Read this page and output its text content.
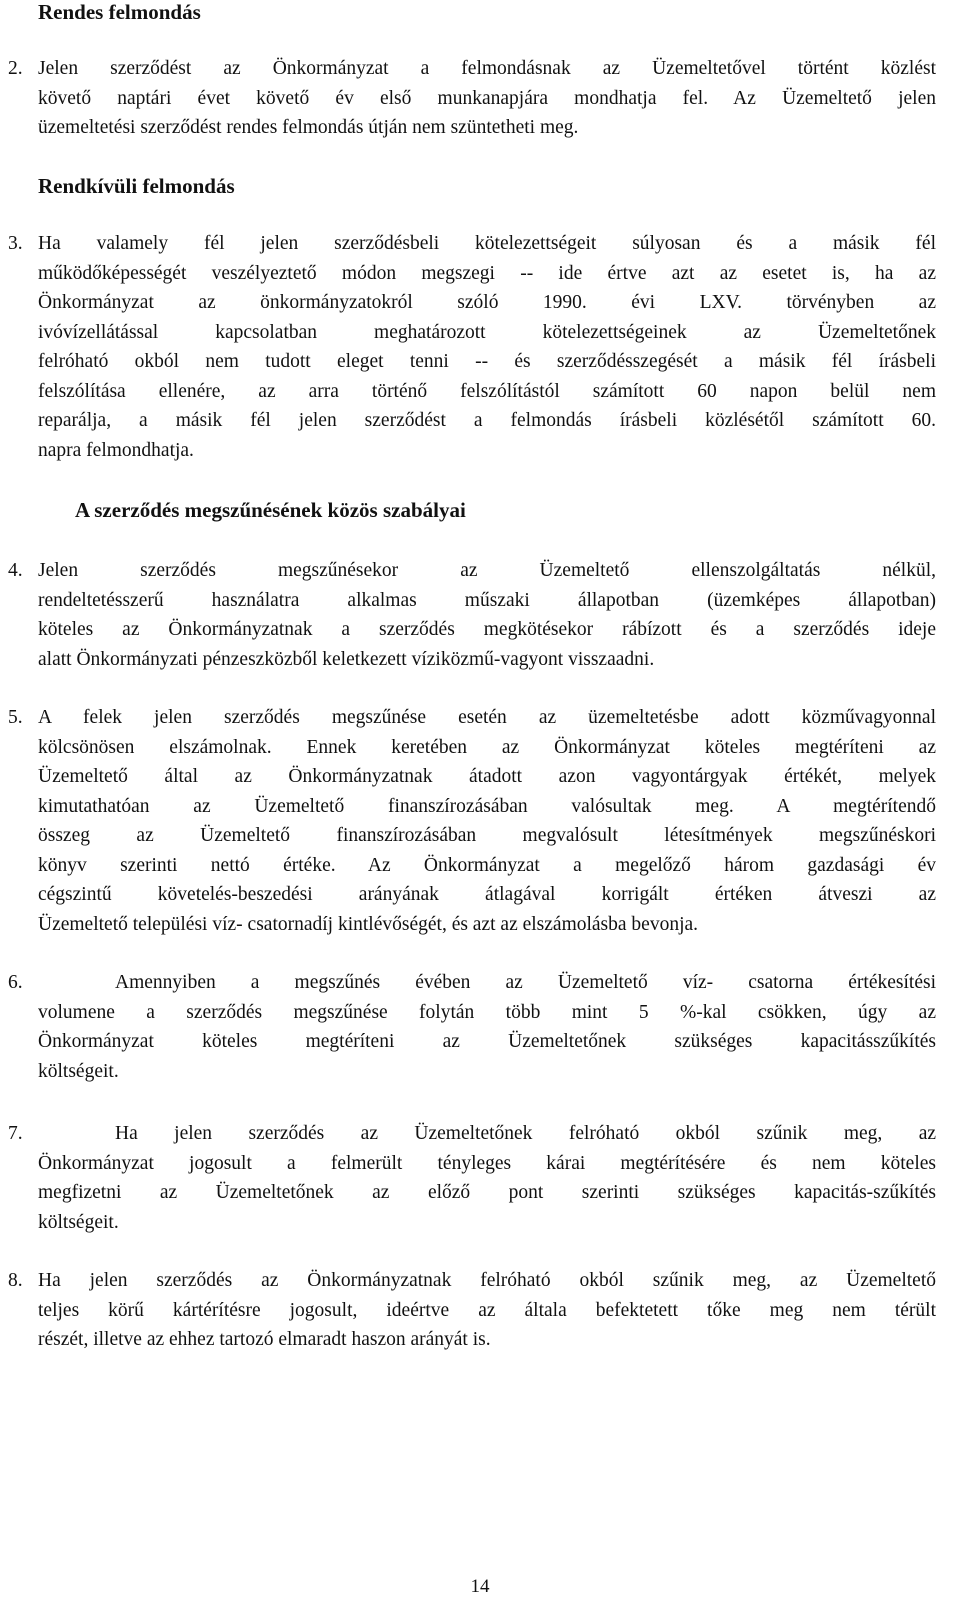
Rendes felmondás
2. Jelen szerződést az Önkormányzat a felmondásnak az Üzemeltetővel történt közlést
követő naptári évet követő év első munkanapjára mondhatja fel. Az Üzemeltető jelen
üzemeltetési szerződést rendes felmondás útján nem szüntetheti meg.
Rendkívüli felmondás
3. Ha valamely fél jelen szerződésbeli kötelezettségeit súlyosan és a másik fél
működőképességét veszélyeztető módon megszegi -- ide értve azt az esetet is, ha az
Önkormányzat az önkormányzatokról szóló 1990. évi LXV. törvényben az
ivóvízellátással kapcsolatban meghatározott kötelezettségeinek az Üzemeltetőnek
felróható okból nem tudott eleget tenni -- és szerződésszegését a másik fél írásbeli
felszólítása ellenére, az arra történő felszólítástól számított 60 napon belül nem
reparálja, a másik fél jelen szerződést a felmondás írásbeli közlésétől számított 60.
napra felmondhatja.
A szerződés megszűnésének közös szabályai
4. Jelen szerződés megszűnésekor az Üzemeltető ellenszolgáltatás nélkül,
rendeltetésszerű használatra alkalmas műszaki állapotban (üzemképes állapotban)
köteles az Önkormányzatnak a szerződés megkötésekor rábízott és a szerződés ideje
alatt Önkormányzati pénzeszközből keletkezett víziközmű-vagyont visszaadni.
5. A felek jelen szerződés megszűnése esetén az üzemeltetésbe adott közművagyonnal
kölcsönösen elszámolnak. Ennek keretében az Önkormányzat köteles megtéríteni az
Üzemeltető által az Önkormányzatnak átadott azon vagyontárgyak értékét, melyek
kimutathatóan az Üzemeltető finanszírozásában valósultak meg. A megtérítendő
összeg az Üzemeltető finanszírozásában megvalósult létesítmények megszűnéskori
könyv szerinti nettó értéke. Az Önkormányzat a megelőző három gazdasági év
cégszintű követelés-beszedési arányának átlagával korrigált értéken átveszi az
Üzemeltető települési víz- csatornadíj kintlévőségét, és azt az elszámolásba bevonja.
6.	Amennyiben a megszűnés évében az Üzemeltető víz- csatorna értékesítési
volumene a szerződés megszűnése folytán több mint 5 %-kal csökken, úgy az
Önkormányzat köteles megtéríteni az Üzemeltetőnek szükséges kapacitásszűkítés
költségeit.
7.	Ha jelen szerződés az Üzemeltetőnek felróható okból szűnik meg, az
Önkormányzat jogosult a felmerült tényleges kárai megtérítésére és nem köteles
megfizetni az Üzemeltetőnek az előző pont szerinti szükséges kapacitás-szűkítés
költségeit.
8. Ha jelen szerződés az Önkormányzatnak felróható okból szűnik meg, az Üzemeltető
teljes körű kártérítésre jogosult, ideértve az általa befektetett tőke meg nem térült
részét, illetve az ehhez tartozó elmaradt haszon arányát is.
14
